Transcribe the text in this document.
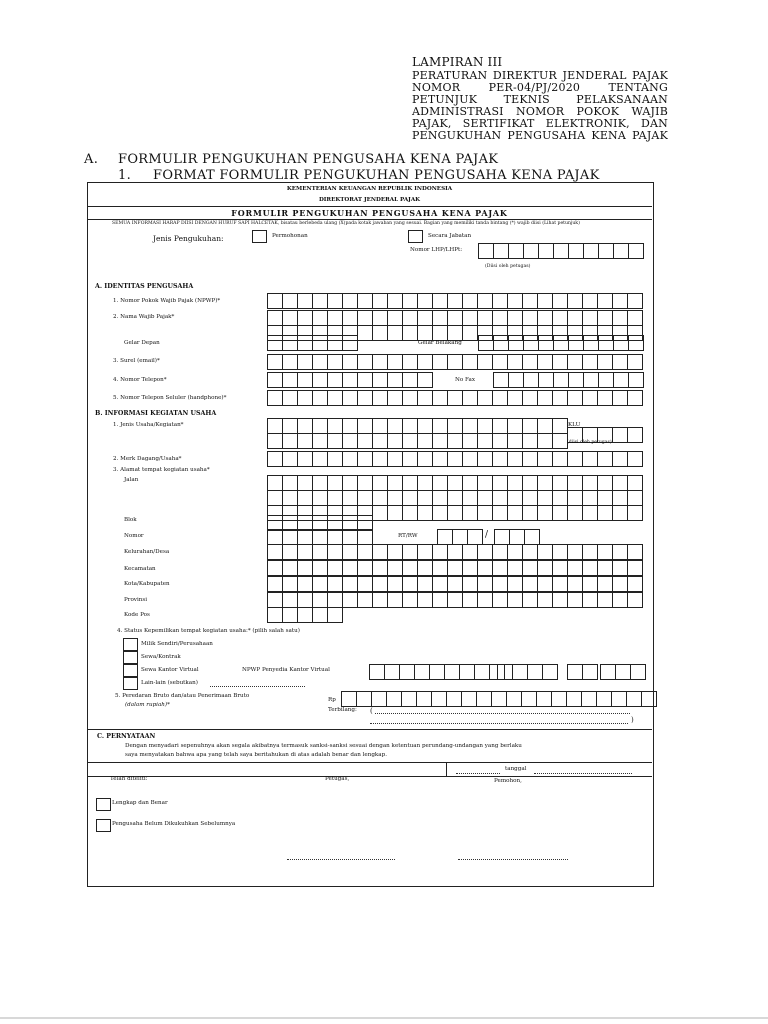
LAMPIRAN III
PERATURAN DIREKTUR JENDERAL PAJAK
NOMOR	PER-04/PJ/2020	TENTANG
PETUNJUK TEKNIS PELAKSANAAN
ADMINISTRASI NOMOR POKOK WAJIB
PAJAK, SERTIFIKAT ELEKTRONIK, DAN
PENGUKUHAN PENGUSAHA KENA PAJAK
A. FORMULIR PENGUKUHAN PENGUSAHA KENA PAJAK
1. FORMAT FORMULIR PENGUKUHAN PENGUSAHA KENA PAJAK
KEMENTERIAN KEUANGAN REPUBLIK INDONESIA
DIREKTORAT JENDERAL PAJAK
FORMULIR PENGUKUHAN PENGUSAHA KENA PAJAK
SEMUA INFORMASI HARAP DIISI DENGAN HURUF SAPI HALCETAK, bisatau berlebeda ulang (X)pada kotak jawaban yang sesuai. Bagian yang memiliki tanda bintang (*) wajib diisi (Lihat petunjuk)
Jenis Pengukuhan:	Permohonan	Secara Jabatan
Nomor LHP/LHPt:
(Diisi oleh petugas)
A. IDENTITAS PENGUSAHA
1. Nomor Pokok Wajib Pajak (NPWP)*
2. Nama Wajib Pajak*
Gelar Depan	Gelar Belakang
3. Surel (email)*
4. Nomor Telepon*	No Fax
5. Nomor Telepon Seluler (handphone)*
B. INFORMASI KEGIATAN USAHA
1. Jenis Usaha/Kegiatan*	KLU
(diisi oleh petugas)
2. Merk Dagang/Usaha*
3. Alamat tempat kegiatan usaha*
Jalan
Blok
Nomor	RT/RW	/
Kelurahan/Desa
Kecamatan
Kota/Kabupaten
Provinsi
Kode Pos
4. Status Kepemilikan tempat kegiatan usaha:* (pilih salah satu)
Milik Sendiri/Perusahaan
Sewa/Kontrak
Sewa Kantor Virtual	NPWP Penyedia Kantor Virtual
Lain-lain (sebutkan)
5. Peredaran Bruto dan/atau Penerimaan Bruto
(dalam rupiah)*
Rp
Terbilang: (
)
C. PERNYATAAN
Dengan menyadari sepenuhnya akan segala akibatnya termasuk sanksi-sanksi sesuai dengan ketentuan perundang-undangan yang berlaku
saya menyatakan bahwa apa yang telah saya beritahukan di atas adalah benar dan lengkap.
tanggal
Telah diteliti:	Petugas,	Pemohon,
Lengkap dan Benar
Pengusaha Belum Dikukuhkan Sebelumnya
